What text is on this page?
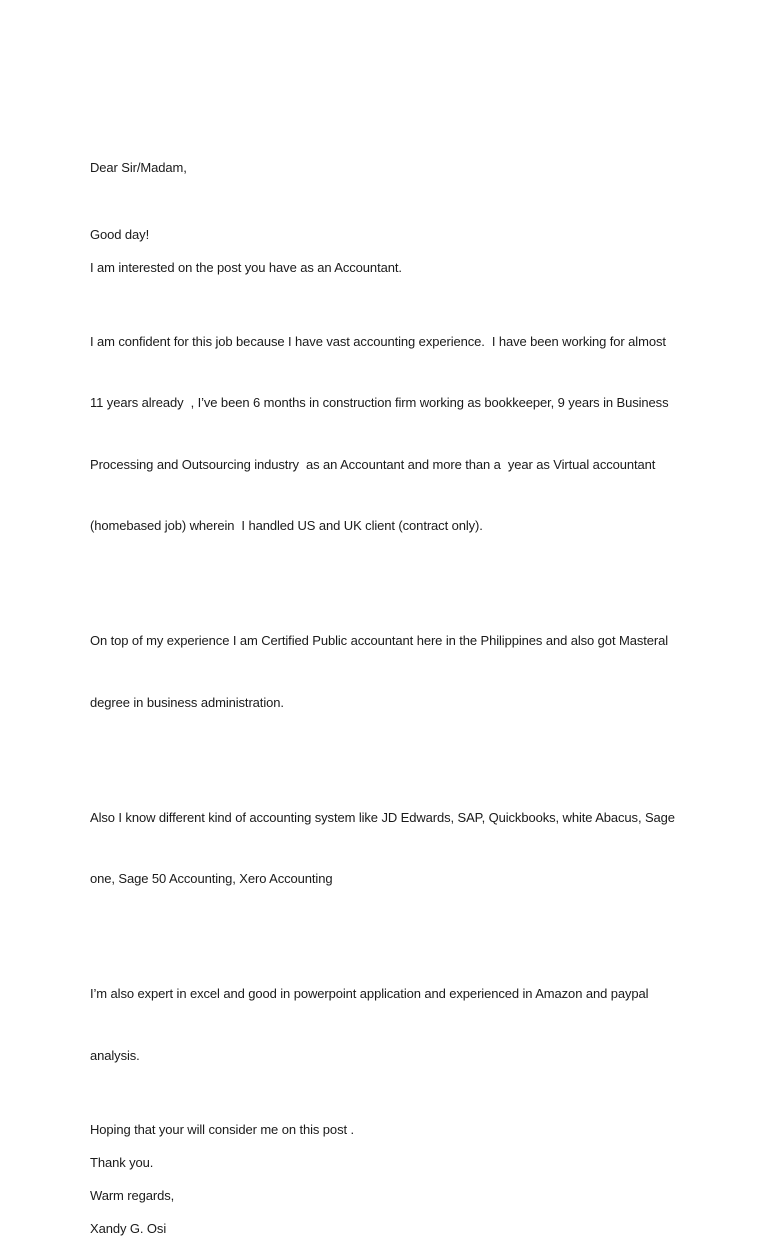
Dear Sir/Madam,

Good day!

I am interested on the post you have as an Accountant.

I am confident for this job because I have vast accounting experience.  I have been working for almost

11 years already  , I’ve been 6 months in construction firm working as bookkeeper, 9 years in Business

Processing and Outsourcing industry  as an Accountant and more than a  year as Virtual accountant

(homebased job) wherein  I handled US and UK client (contract only).

On top of my experience I am Certified Public accountant here in the Philippines and also got Masteral

degree in business administration.

Also I know different kind of accounting system like JD Edwards, SAP, Quickbooks, white Abacus, Sage

one, Sage 50 Accounting, Xero Accounting

I’m also expert in excel and good in powerpoint application and experienced in Amazon and paypal

analysis.

Hoping that your will consider me on this post .

Thank you.

Warm regards,

Xandy G. Osi
